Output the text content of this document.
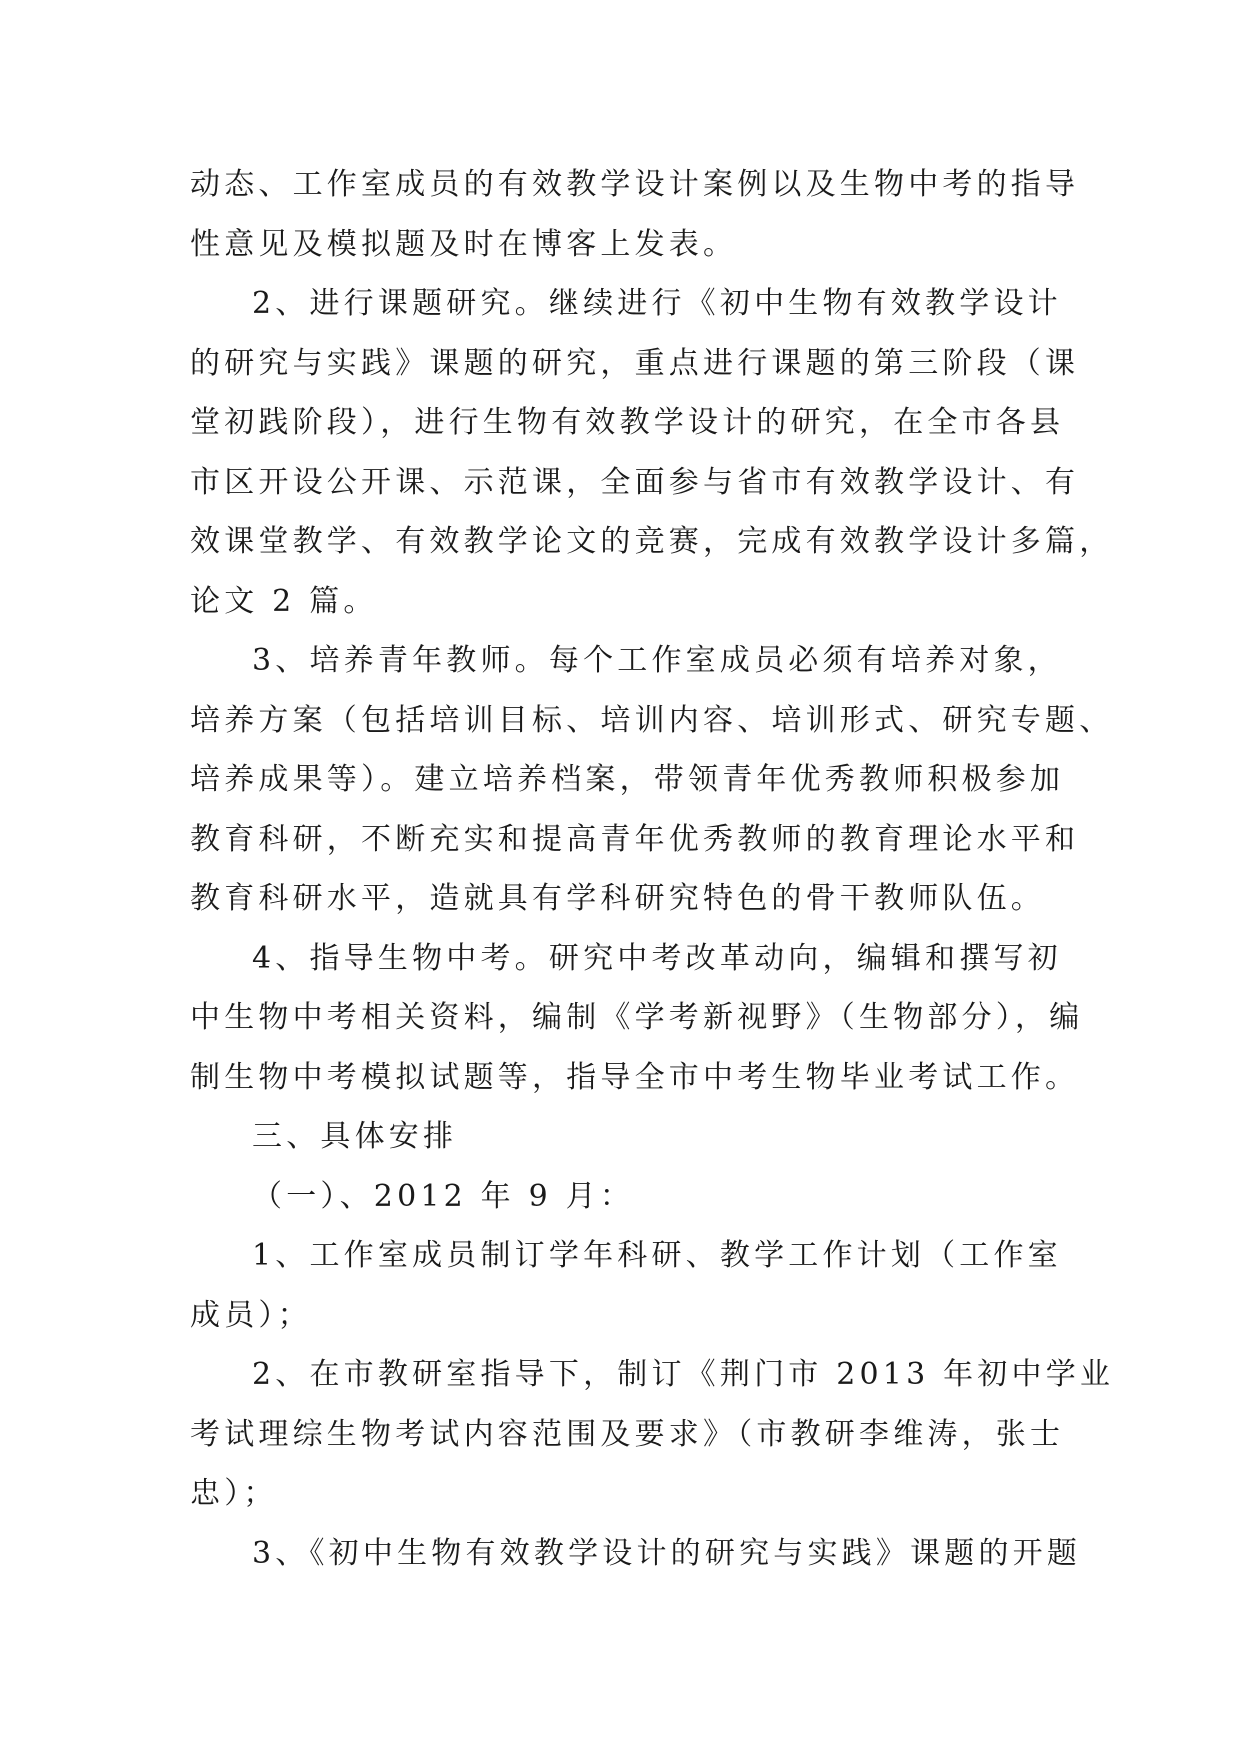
动态、工作室成员的有效教学设计案例以及生物中考的指导
性意见及模拟题及时在博客上发表。
2、进行课题研究。继续进行《初中生物有效教学设计
的研究与实践》课题的研究，重点进行课题的第三阶段（课
堂初践阶段），进行生物有效教学设计的研究，在全市各县
市区开设公开课、示范课，全面参与省市有效教学设计、有
效课堂教学、有效教学论文的竞赛，完成有效教学设计多篇，
论文 2 篇。
3、培养青年教师。每个工作室成员必须有培养对象，
培养方案（包括培训目标、培训内容、培训形式、研究专题、
培养成果等）。建立培养档案，带领青年优秀教师积极参加
教育科研，不断充实和提高青年优秀教师的教育理论水平和
教育科研水平，造就具有学科研究特色的骨干教师队伍。
4、指导生物中考。研究中考改革动向，编辑和撰写初
中生物中考相关资料，编制《学考新视野》（生物部分），编
制生物中考模拟试题等，指导全市中考生物毕业考试工作。
三、具体安排
（一）、2012 年 9 月：
1、工作室成员制订学年科研、教学工作计划（工作室
成员）；
2、在市教研室指导下，制订《荆门市 2013 年初中学业
考试理综生物考试内容范围及要求》（市教研李维涛，张士
忠）；
3、《初中生物有效教学设计的研究与实践》课题的开题
